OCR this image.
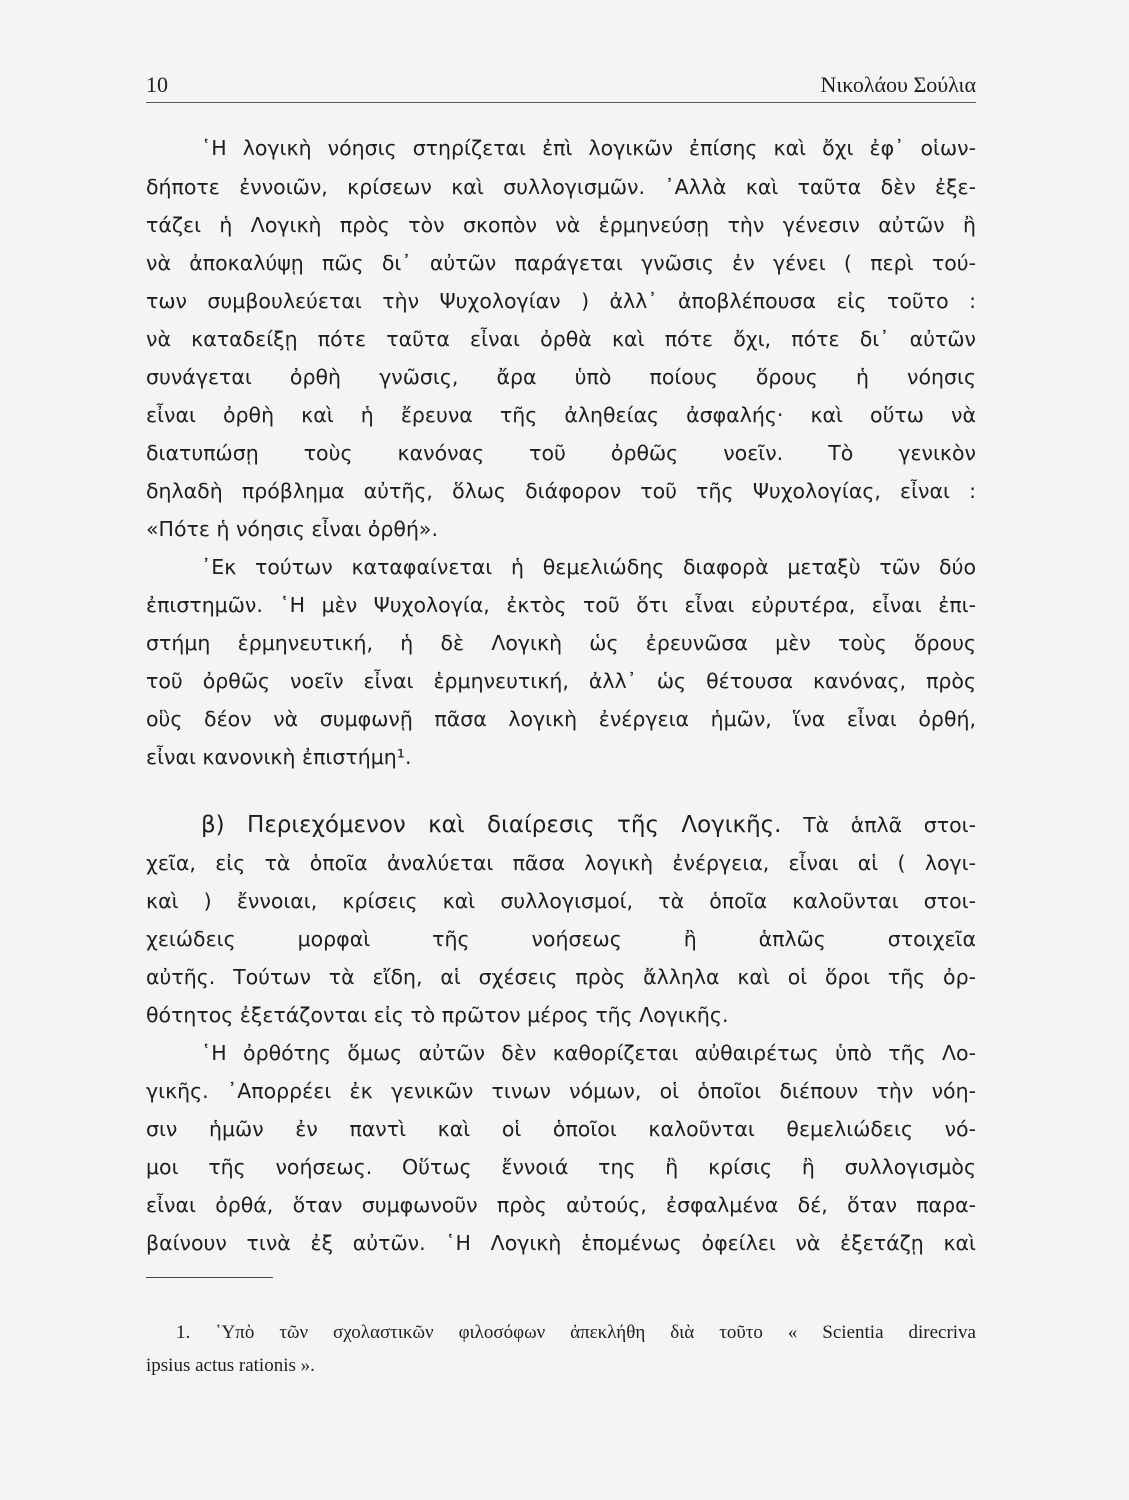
10	Νικολάου Σούλια
῾Η λογικὴ νόησις στηρίζεται ἐπὶ λογικῶν ἐπίσης καὶ ὄχι ἐφ᾽ οἱων-
δήποτε ἐννοιῶν, κρίσεων καὶ συλλογισμῶν. ᾽Αλλὰ καὶ ταῦτα δὲν ἐξε-
τάζει ἡ Λογικὴ πρὸς τὸν σκοπὸν νὰ ἑρμηνεύσῃ τὴν γένεσιν αὐτῶν ἢ
νὰ ἀποκαλύψῃ πῶς δι᾽ αὐτῶν παράγεται γνῶσις ἐν γένει ( περὶ τού-
των συμβουλεύεται τὴν Ψυχολογίαν ) ἀλλ᾽ ἀποβλέπουσα εἰς τοῦτο :
νὰ καταδείξῃ πότε ταῦτα εἶναι ὀρθὰ καὶ πότε ὄχι, πότε δι᾽ αὐτῶν
συνάγεται ὀρθὴ γνῶσις, ἄρα ὑπὸ ποίους ὅρους ἡ νόησις
εἶναι ὀρθὴ καὶ ἡ ἔρευνα τῆς ἀληθείας ἀσφαλής· καὶ οὕτω νὰ
διατυπώσῃ τοὺς κανόνας τοῦ ὀρθῶς νοεῖν. Τὸ γενικὸν
δηλαδὴ πρόβλημα αὐτῆς, ὅλως διάφορον τοῦ τῆς Ψυχολογίας, εἶναι :
«Πότε ἡ νόησις εἶναι ὀρθή».
᾽Εκ τούτων καταφαίνεται ἡ θεμελιώδης διαφορὰ μεταξὺ τῶν δύο
ἐπιστημῶν. ῾Η μὲν Ψυχολογία, ἐκτὸς τοῦ ὅτι εἶναι εὐρυτέρα, εἶναι ἐπι-
στήμη ἑρμηνευτική, ἡ δὲ Λογικὴ ὡς ἐρευνῶσα μὲν τοὺς ὅρους
τοῦ ὀρθῶς νοεῖν εἶναι ἑρμηνευτική, ἀλλ᾽ ὡς θέτουσα κανόνας, πρὸς
οὓς δέον νὰ συμφωνῇ πᾶσα λογικὴ ἐνέργεια ἡμῶν, ἵνα εἶναι ὀρθή,
εἶναι κανονικὴ ἐπιστήμη¹.
β) Περιεχόμενον καὶ διαίρεσις τῆς Λογικῆς. Τὰ ἁπλᾶ στοι-
χεῖα, εἰς τὰ ὁποῖα ἀναλύεται πᾶσα λογικὴ ἐνέργεια, εἶναι αἱ ( λογι-
καὶ ) ἔννοιαι, κρίσεις καὶ συλλογισμοί, τὰ ὁποῖα καλοῦνται στοι-
χειώδεις μορφαὶ τῆς νοήσεως ἢ ἁπλῶς στοιχεῖα
αὐτῆς. Τούτων τὰ εἴδη, αἱ σχέσεις πρὸς ἄλληλα καὶ οἱ ὅροι τῆς ὀρ-
θότητος ἐξετάζονται εἰς τὸ πρῶτον μέρος τῆς Λογικῆς.
῾Η ὀρθότης ὅμως αὐτῶν δὲν καθορίζεται αὐθαιρέτως ὑπὸ τῆς Λο-
γικῆς. ᾽Απορρέει ἐκ γενικῶν τινων νόμων, οἱ ὁποῖοι διέπουν τὴν νόη-
σιν ἡμῶν ἐν παντὶ καὶ οἱ ὁποῖοι καλοῦνται θεμελιώδεις νό-
μοι τῆς νοήσεως. Οὕτως ἔννοιά της ἢ κρίσις ἢ συλλογισμὸς
εἶναι ὀρθά, ὅταν συμφωνοῦν πρὸς αὐτούς, ἐσφαλμένα δέ, ὅταν παρα-
βαίνουν τινὰ ἐξ αὐτῶν. ῾Η Λογικὴ ἑπομένως ὀφείλει νὰ ἐξετάζῃ καὶ
1. ῾Υπὸ τῶν σχολαστικῶν φιλοσόφων ἀπεκλήθη διὰ τοῦτο « Scientia direcriva
ipsius actus rationis ».
